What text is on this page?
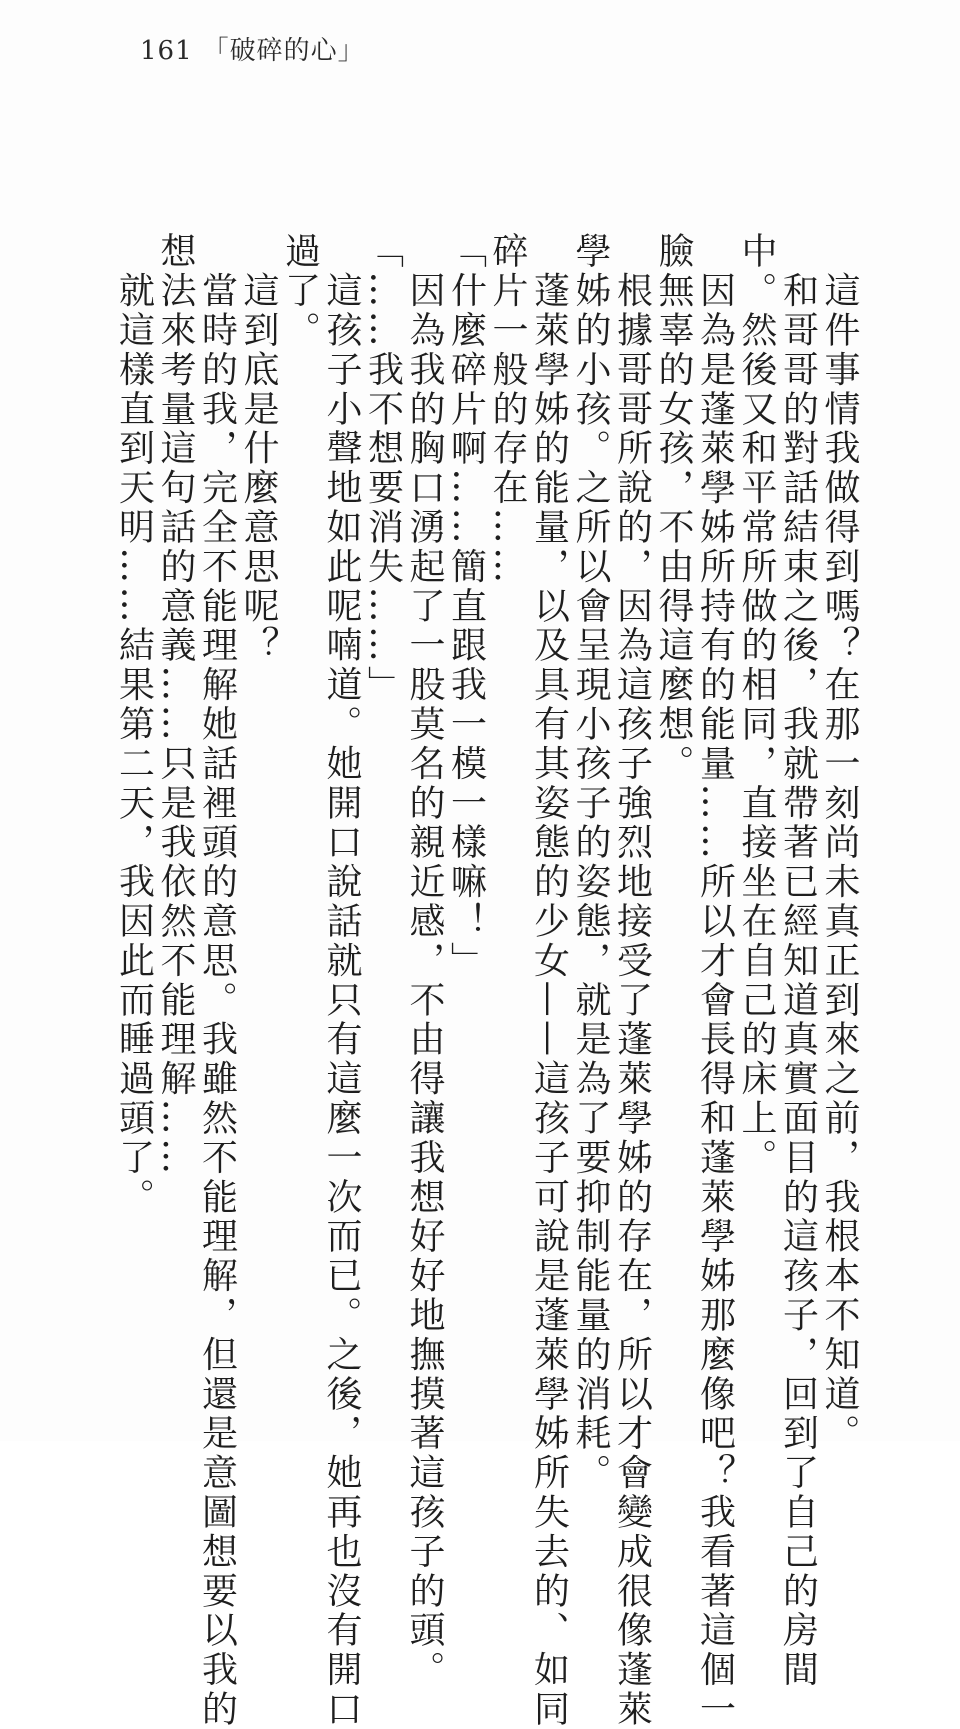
161 「破碎的心」
　這件事情我做得到嗎？在那一刻尚未真正到來之前，我根本不知道。
　和哥哥的對話結束之後，我就帶著已經知道真實面目的這孩子，回到了自己的房間
中。然後又和平常所做的相同，直接坐在自己的床上。
　因為是蓬萊學姊所持有的能量……所以才會長得和蓬萊學姊那麼像吧？我看著這個一
臉無辜的女孩，不由得這麼想。
　根據哥哥所說的，因為這孩子強烈地接受了蓬萊學姊的存在，所以才會變成很像蓬萊
學姊的小孩。之所以會呈現小孩子的姿態，就是為了要抑制能量的消耗。
　蓬萊學姊的能量，以及具有其姿態的少女——這孩子可說是蓬萊學姊所失去的、如同
碎片一般的存在……
「什麼碎片啊……簡直跟我一模一樣嘛！」
　因為我的胸口湧起了一股莫名的親近感，不由得讓我想好好地撫摸著這孩子的頭。
「……我不想要消失……」
　這孩子小聲地如此呢喃道。她開口說話就只有這麼一次而已。之後，她再也沒有開口
過了。
　這到底是什麼意思呢？
　當時的我，完全不能理解她話裡頭的意思。我雖然不能理解，但還是意圖想要以我的
想法來考量這句話的意義……只是我依然不能理解……
　就這樣直到天明……結果第二天，我因此而睡過頭了。
